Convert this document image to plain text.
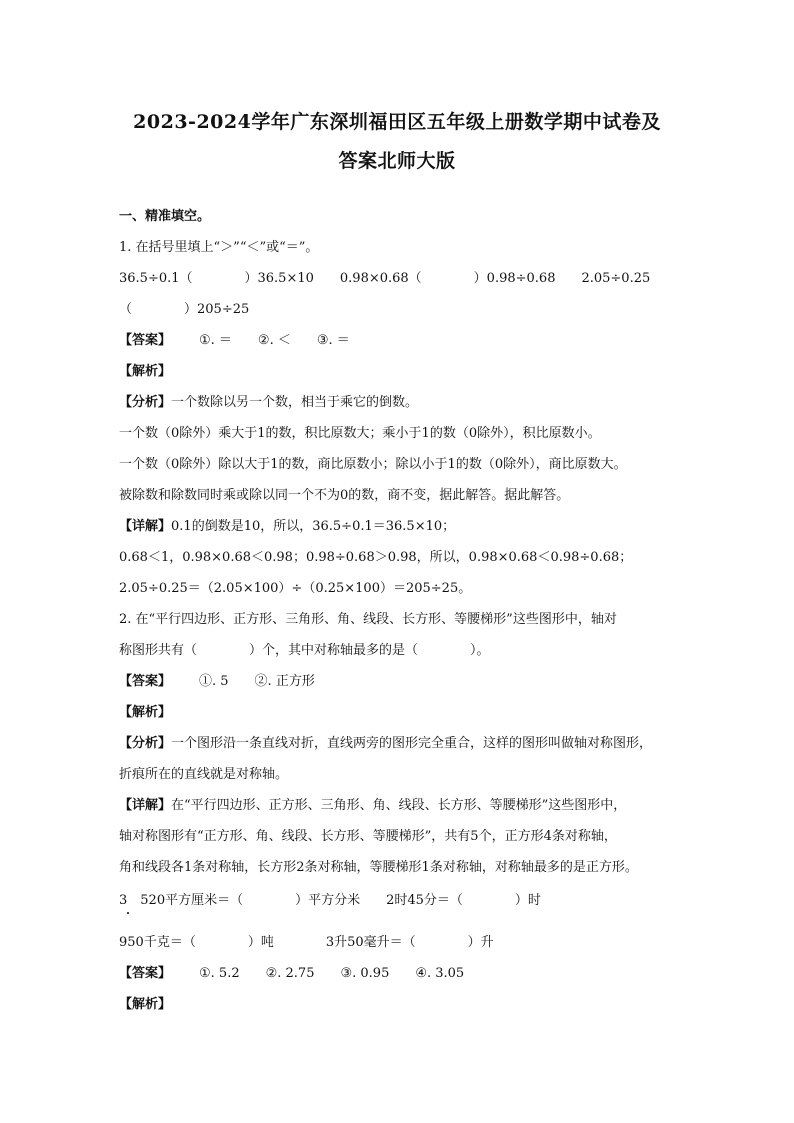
2023-2024学年广东深圳福田区五年级上册数学期中试卷及
答案北师大版
一、精准填空。
1. 在括号里填上“＞”“＜”或“＝”。
36.5÷0.1（　　　　）36.5×10　　0.98×0.68（　　　　）0.98÷0.68　　2.05÷0.25
（　　　　）205÷25
【答案】 ①. ＝　　②. ＜　　③. ＝
【解析】
【分析】一个数除以另一个数，相当于乘它的倒数。
一个数（0除外）乘大于1的数，积比原数大；乘小于1的数（0除外），积比原数小。
一个数（0除外）除以大于1的数，商比原数小；除以小于1的数（0除外），商比原数大。
被除数和除数同时乘或除以同一个不为0的数，商不变，据此解答。据此解答。
【详解】0.1的倒数是10，所以，36.5÷0.1＝36.5×10；
0.68＜1，0.98×0.68＜0.98；0.98÷0.68＞0.98，所以，0.98×0.68＜0.98÷0.68；
2.05÷0.25＝（2.05×100）÷（0.25×100）＝205÷25。
2. 在“平行四边形、正方形、三角形、角、线段、长方形、等腰梯形”这些图形中，轴对
称图形共有（　　　　）个，其中对称轴最多的是（　　　　）。
【答案】 ①. 5　　②. 正方形
【解析】
【分析】一个图形沿一条直线对折，直线两旁的图形完全重合，这样的图形叫做轴对称图形，
折痕所在的直线就是对称轴。
【详解】在“平行四边形、正方形、三角形、角、线段、长方形、等腰梯形”这些图形中，
轴对称图形有“正方形、角、线段、长方形、等腰梯形”，共有5个，正方形4条对称轴，
角和线段各1条对称轴，长方形2条对称轴，等腰梯形1条对称轴，对称轴最多的是正方形。
3　520平方厘米＝（　　　　）平方分米　　2时45分＝（　　　　）时
950千克＝（　　　　）吨　　　　3升50毫升＝（　　　　）升
【答案】 ①. 5.2　　②. 2.75　　③. 0.95　　④. 3.05
【解析】
